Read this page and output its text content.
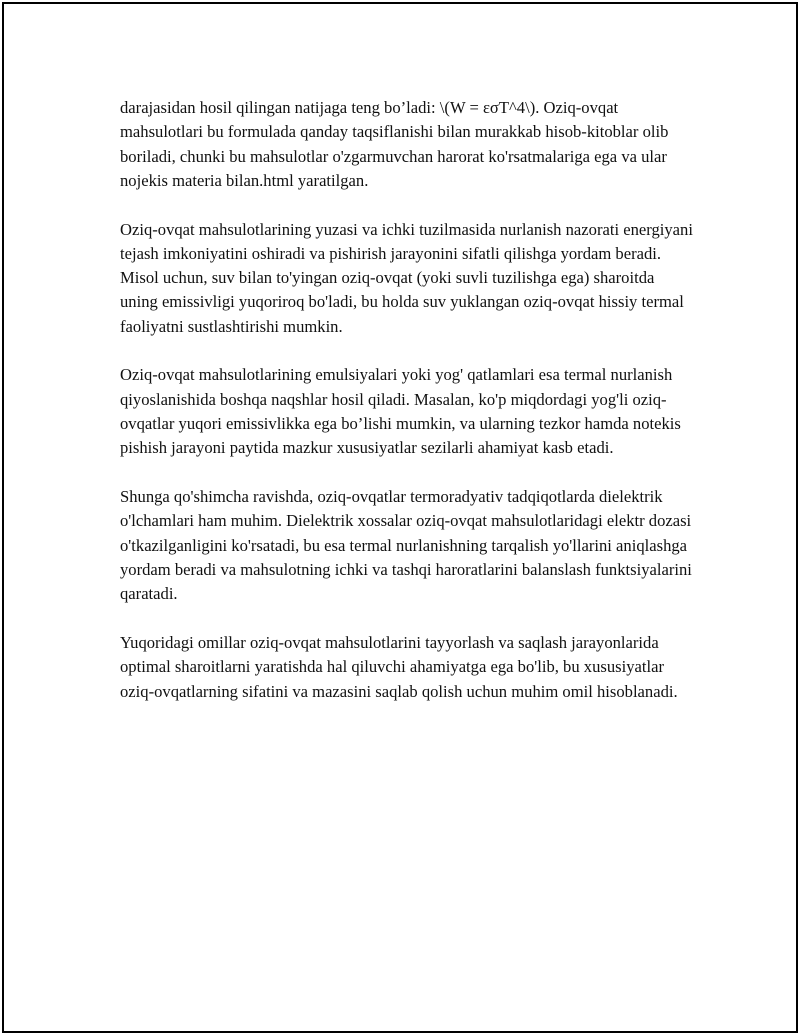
darajasidan hosil qilingan natijaga teng bo’ladi: \(W = εσT^4\). Oziq-ovqat mahsulotlari bu formulada qanday taqsiflanishi bilan murakkab hisob-kitoblar olib boriladi, chunki bu mahsulotlar o'zgarmuvchan harorat ko'rsatmalariga ega va ular nojekis materia bilan.html yaratilgan.

Oziq-ovqat mahsulotlarining yuzasi va ichki tuzilmasida nurlanish nazorati energiyani tejash imkoniyatini oshiradi va pishirish jarayonini sifatli qilishga yordam beradi. Misol uchun, suv bilan to'yingan oziq-ovqat (yoki suvli tuzilishga ega) sharoitda uning emissivligi yuqoriroq bo'ladi, bu holda suv yuklangan oziq-ovqat hissiy termal faoliyatni sustlashtirishi mumkin.

Oziq-ovqat mahsulotlarining emulsiyalari yoki yog' qatlamlari esa termal nurlanish qiyoslanishida boshqa naqshlar hosil qiladi. Masalan, ko'p miqdordagi yog'li oziq-ovqatlar yuqori emissivlikka ega bo’lishi mumkin, va ularning tezkor hamda notekis pishish jarayoni paytida mazkur xususiyatlar sezilarli ahamiyat kasb etadi.

Shunga qo'shimcha ravishda, oziq-ovqatlar termoradyativ tadqiqotlarda dielektrik o'lchamlari ham muhim. Dielektrik xossalar oziq-ovqat mahsulotlaridagi elektr dozasi o'tkazilganligini ko'rsatadi, bu esa termal nurlanishning tarqalish yo'llarini aniqlashga yordam beradi va mahsulotning ichki va tashqi haroratlarini balanslash funktsiyalarini qaratadi.

Yuqoridagi omillar oziq-ovqat mahsulotlarini tayyorlash va saqlash jarayonlarida optimal sharoitlarni yaratishda hal qiluvchi ahamiyatga ega bo'lib, bu xususiyatlar oziq-ovqatlarning sifatini va mazasini saqlab qolish uchun muhim omil hisoblanadi.
